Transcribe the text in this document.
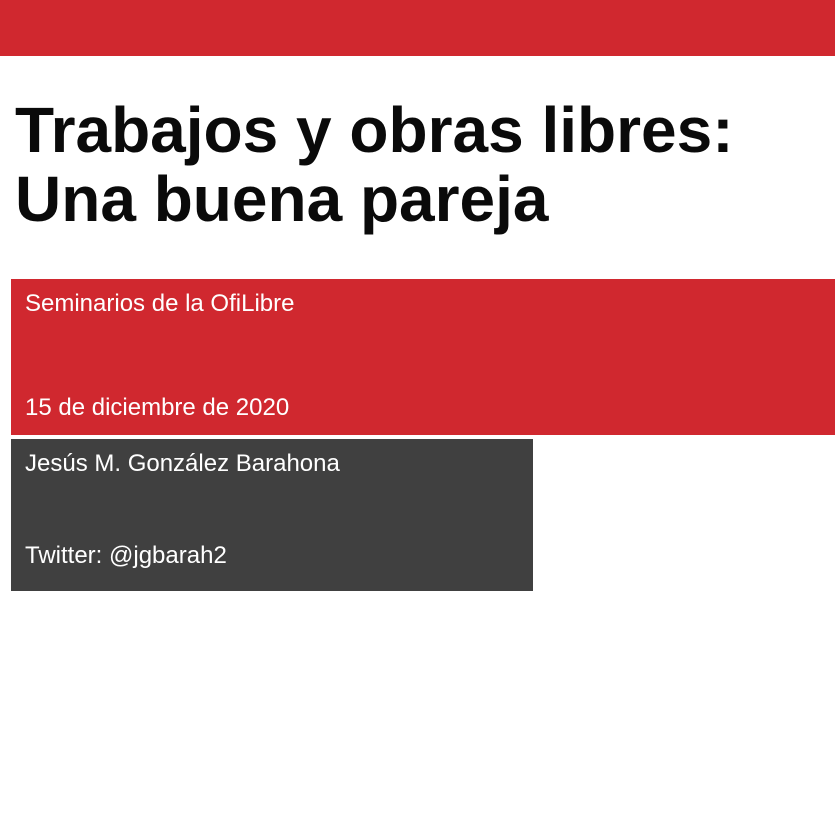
Trabajos y obras libres:
Una buena pareja
Seminarios de la OfiLibre
15 de diciembre de 2020
Jesús M. González Barahona
Twitter: @jgbarah2
